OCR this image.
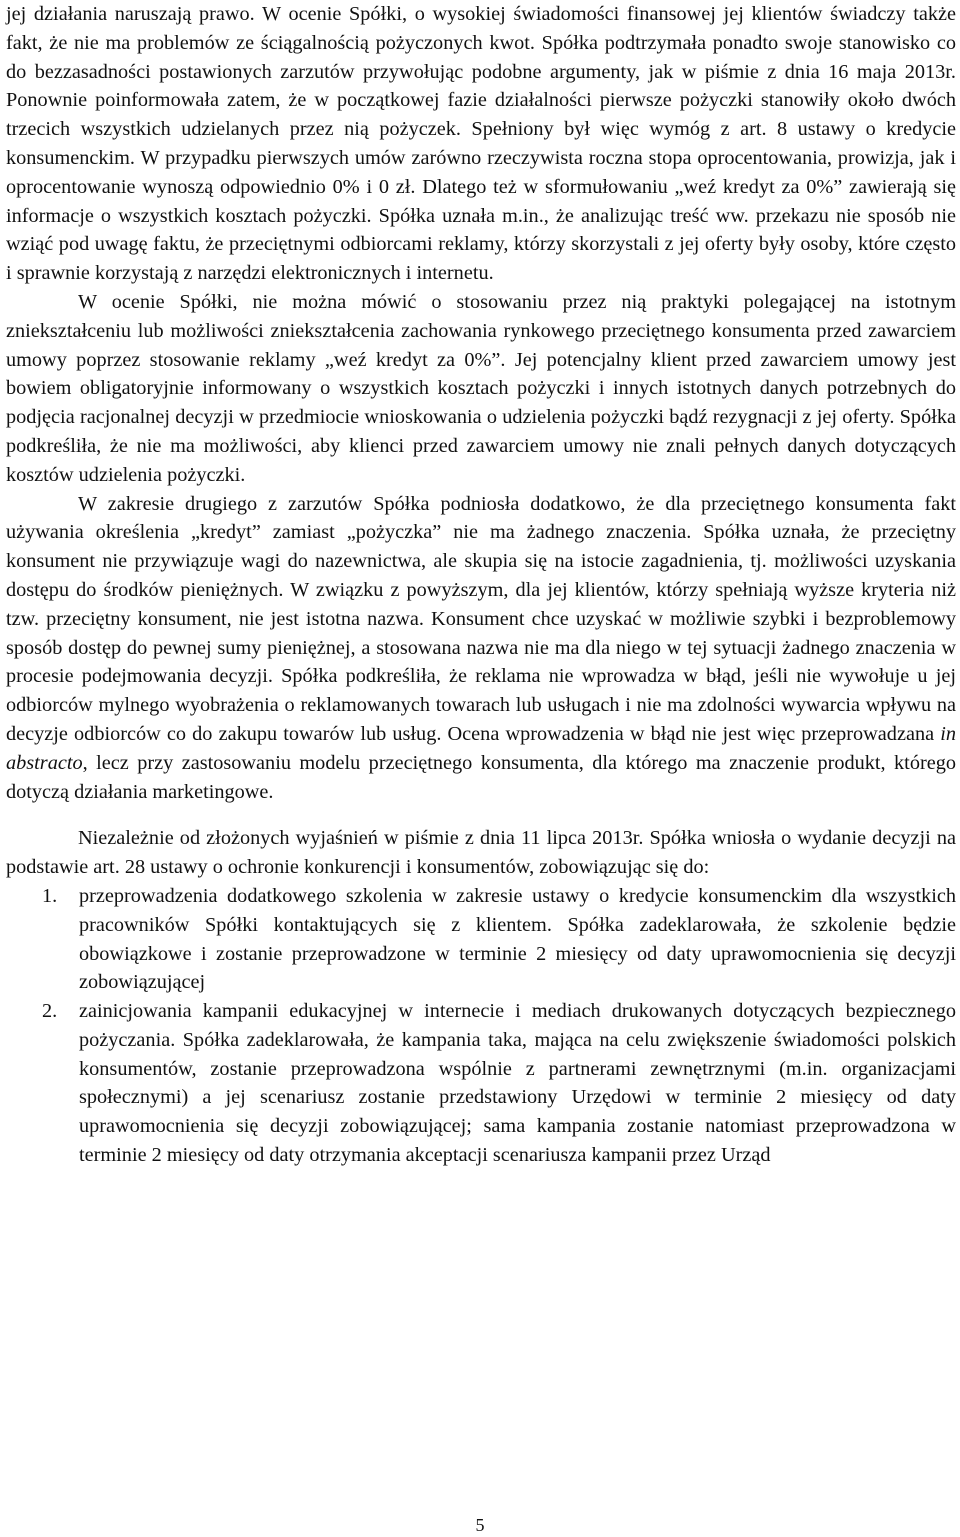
jej działania naruszają prawo. W ocenie Spółki, o wysokiej świadomości finansowej jej klientów świadczy także fakt, że nie ma problemów ze ściągalnością pożyczonych kwot. Spółka podtrzymała ponadto swoje stanowisko co do bezzasadności postawionych zarzutów przywołując podobne argumenty, jak w piśmie z dnia 16 maja 2013r. Ponownie poinformowała zatem, że w początkowej fazie działalności pierwsze pożyczki stanowiły około dwóch trzecich wszystkich udzielanych przez nią pożyczek. Spełniony był więc wymóg z art. 8 ustawy o kredycie konsumenckim. W przypadku pierwszych umów zarówno rzeczywista roczna stopa oprocentowania, prowizja, jak i oprocentowanie wynoszą odpowiednio 0% i 0 zł. Dlatego też w sformułowaniu „weź kredyt za 0%” zawierają się informacje o wszystkich kosztach pożyczki. Spółka uznała m.in., że analizując treść ww. przekazu nie sposób nie wziąć pod uwagę faktu, że przeciętnymi odbiorcami reklamy, którzy skorzystali z jej oferty były osoby, które często i sprawnie korzystają z narzędzi elektronicznych i internetu.

W ocenie Spółki, nie można mówić o stosowaniu przez nią praktyki polegającej na istotnym zniekształceniu lub możliwości zniekształcenia zachowania rynkowego przeciętnego konsumenta przed zawarciem umowy poprzez stosowanie reklamy „weź kredyt za 0%”. Jej potencjalny klient przed zawarciem umowy jest bowiem obligatoryjnie informowany o wszystkich kosztach pożyczki i innych istotnych danych potrzebnych do podjęcia racjonalnej decyzji w przedmiocie wnioskowania o udzielenia pożyczki bądź rezygnacji z jej oferty. Spółka podkreśliła, że nie ma możliwości, aby klienci przed zawarciem umowy nie znali pełnych danych dotyczących kosztów udzielenia pożyczki.

W zakresie drugiego z zarzutów Spółka podniosła dodatkowo, że dla przeciętnego konsumenta fakt używania określenia „kredyt” zamiast „pożyczka” nie ma żadnego znaczenia. Spółka uznała, że przeciętny konsument nie przywiązuje wagi do nazewnictwa, ale skupia się na istocie zagadnienia, tj. możliwości uzyskania dostępu do środków pieniężnych. W związku z powyższym, dla jej klientów, którzy spełniają wyższe kryteria niż tzw. przeciętny konsument, nie jest istotna nazwa. Konsument chce uzyskać w możliwie szybki i bezproblemowy sposób dostęp do pewnej sumy pieniężnej, a stosowana nazwa nie ma dla niego w tej sytuacji żadnego znaczenia w procesie podejmowania decyzji. Spółka podkreśliła, że reklama nie wprowadza w błąd, jeśli nie wywołuje u jej odbiorców mylnego wyobrażenia o reklamowanych towarach lub usługach i nie ma zdolności wywarcia wpływu na decyzje odbiorców co do zakupu towarów lub usług. Ocena wprowadzenia w błąd nie jest więc przeprowadzana in abstracto, lecz przy zastosowaniu modelu przeciętnego konsumenta, dla którego ma znaczenie produkt, którego dotyczą działania marketingowe.

Niezależnie od złożonych wyjaśnień w piśmie z dnia 11 lipca 2013r. Spółka wniosła o wydanie decyzji na podstawie art. 28 ustawy o ochronie konkurencji i konsumentów, zobowiązując się do:

1. przeprowadzenia dodatkowego szkolenia w zakresie ustawy o kredycie konsumenckim dla wszystkich pracowników Spółki kontaktujących się z klientem. Spółka zadeklarowała, że szkolenie będzie obowiązkowe i zostanie przeprowadzone w terminie 2 miesięcy od daty uprawomocnienia się decyzji zobowiązującej
2. zainicjowania kampanii edukacyjnej w internecie i mediach drukowanych dotyczących bezpiecznego pożyczania. Spółka zadeklarowała, że kampania taka, mająca na celu zwiększenie świadomości polskich konsumentów, zostanie przeprowadzona wspólnie z partnerami zewnętrznymi (m.in. organizacjami społecznymi) a jej scenariusz zostanie przedstawiony Urzędowi w terminie 2 miesięcy od daty uprawomocnienia się decyzji zobowiązującej; sama kampania zostanie natomiast przeprowadzona w terminie 2 miesięcy od daty otrzymania akceptacji scenariusza kampanii przez Urząd
5
